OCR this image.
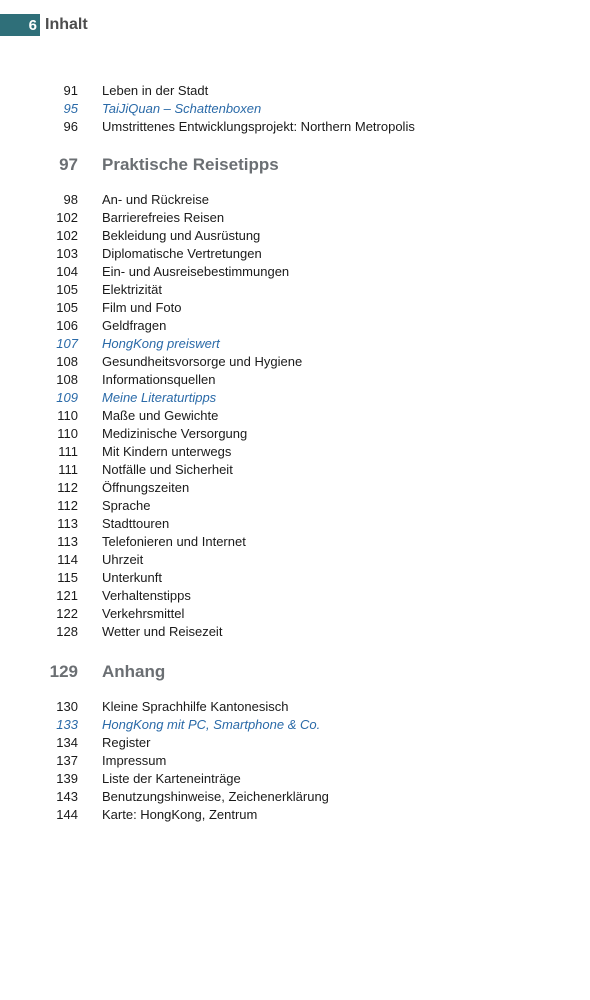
6 Inhalt
91 Leben in der Stadt
95 TaiJiQuan – Schattenboxen
96 Umstrittenes Entwicklungsprojekt: Northern Metropolis
97 Praktische Reisetipps
98 An- und Rückreise
102 Barrierefreies Reisen
102 Bekleidung und Ausrüstung
103 Diplomatische Vertretungen
104 Ein- und Ausreisebestimmungen
105 Elektrizität
105 Film und Foto
106 Geldfragen
107 HongKong preiswert
108 Gesundheitsvorsorge und Hygiene
108 Informationsquellen
109 Meine Literaturtipps
110 Maße und Gewichte
110 Medizinische Versorgung
111 Mit Kindern unterwegs
111 Notfälle und Sicherheit
112 Öffnungszeiten
112 Sprache
113 Stadttouren
113 Telefonieren und Internet
114 Uhrzeit
115 Unterkunft
121 Verhaltenstipps
122 Verkehrsmittel
128 Wetter und Reisezeit
129 Anhang
130 Kleine Sprachhilfe Kantonesisch
133 HongKong mit PC, Smartphone & Co.
134 Register
137 Impressum
139 Liste der Karteneinträge
143 Benutzungshinweise, Zeichenerklärung
144 Karte: HongKong, Zentrum
